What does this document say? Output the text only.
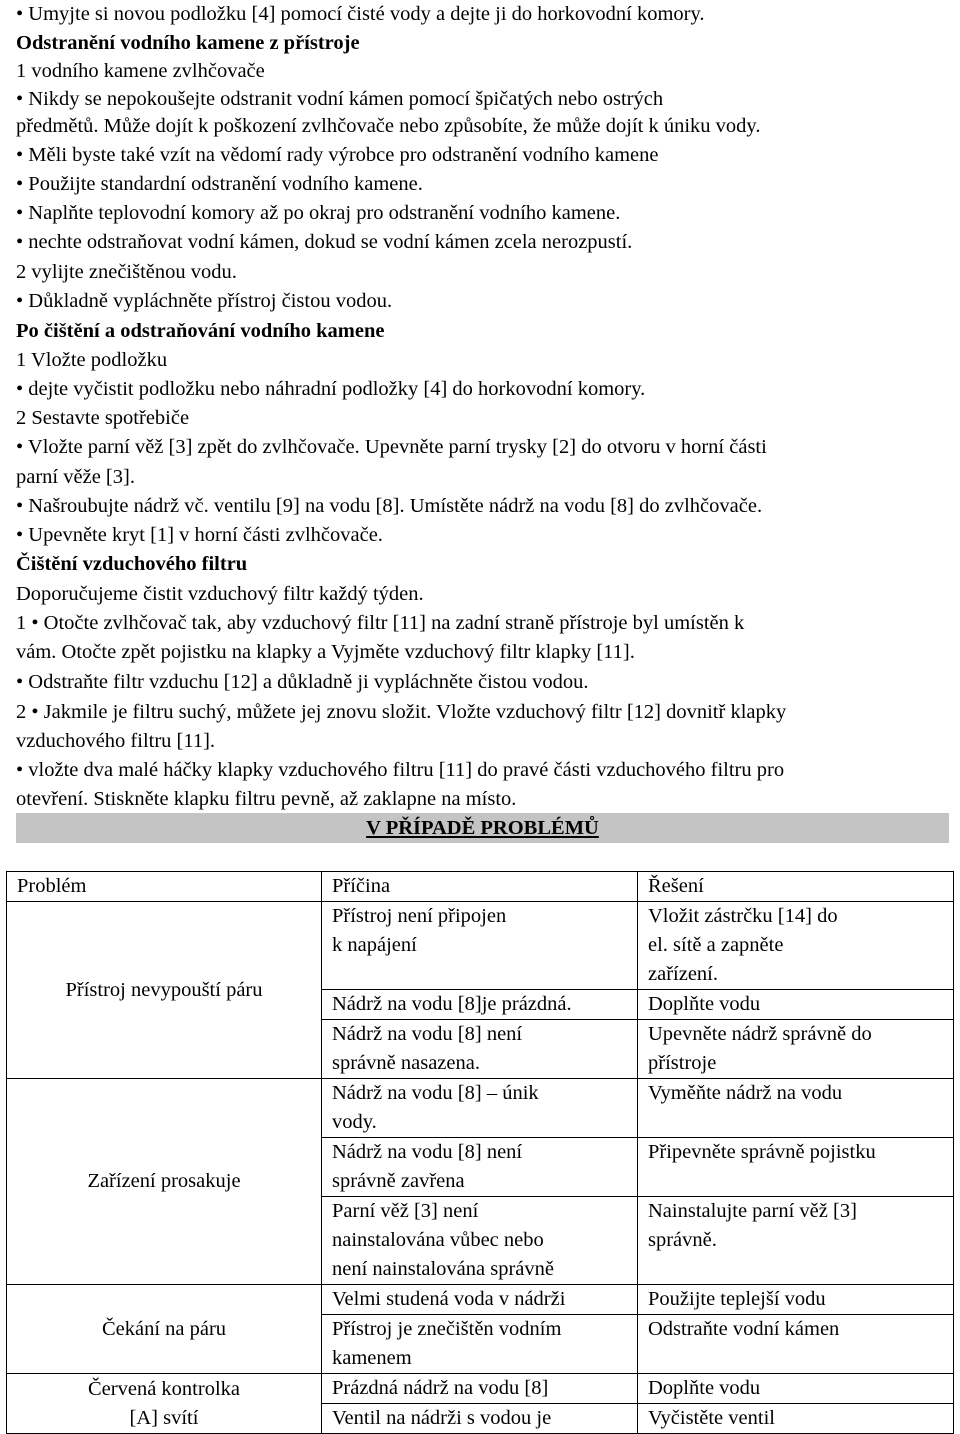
• Umyjte si novou podložku [4] pomocí čisté vody a dejte ji do horkovodní komory.
Odstranění vodního kamene z přístroje
1 vodního kamene zvlhčovače
• Nikdy se nepokoušejte odstranit vodní kámen pomocí špičatých nebo ostrých
předmětů. Může dojít k poškození zvlhčovače nebo způsobíte, že může dojít k úniku vody.
• Měli byste také vzít na vědomí rady výrobce pro odstranění vodního kamene
• Použijte standardní odstranění vodního kamene.
• Naplňte teplovodní komory až po okraj pro odstranění vodního kamene.
• nechte odstraňovat vodní kámen, dokud se vodní kámen zcela nerozpustí.
2 vylijte znečištěnou vodu.
• Důkladně vypláchněte přístroj čistou vodou.
Po čištění a odstraňování vodního kamene
1 Vložte podložku
• dejte vyčistit podložku nebo náhradní podložky [4] do horkovodní komory.
2 Sestavte spotřebiče
• Vložte parní věž [3] zpět do zvlhčovače. Upevněte parní trysky [2] do otvoru v horní části
parní věže [3].
• Našroubujte nádrž vč. ventilu [9] na vodu [8]. Umístěte nádrž na vodu [8] do zvlhčovače.
• Upevněte kryt [1] v horní části zvlhčovače.
Čištění vzduchového filtru
Doporučujeme čistit vzduchový filtr každý týden.
1 • Otočte zvlhčovač tak, aby vzduchový filtr [11] na zadní straně přístroje byl umístěn k
vám. Otočte zpět pojistku na klapky a Vyjměte vzduchový filtr klapky [11].
• Odstraňte filtr vzduchu [12] a důkladně ji vypláchněte čistou vodou.
2 • Jakmile je filtru suchý, můžete jej znovu složit. Vložte vzduchový filtr [12] dovnitř klapky
vzduchového filtru [11].
• vložte dva malé háčky klapky vzduchového filtru [11] do pravé části vzduchového filtru pro
otevření. Stiskněte klapku filtru pevně, až zaklapne na místo.
V PŘÍPADĚ PROBLÉMŮ
Problém	Příčina	Řešení
Přístroj nevypouští páru	Přístroj není připojen
k napájení	Vložit zástrčku [14] do
el. sítě a zapněte
zařízení.

	Nádrž na vodu [8]je prázdná.	Doplňte vodu

	Nádrž na vodu [8] není
správně nasazena.	Upevněte nádrž správně do
přístroje

Zařízení prosakuje	Nádrž na vodu [8] – únik
vody.	Vyměňte nádrž na vodu

	Nádrž na vodu [8] není
správně zavřena	Připevněte správně pojistku

	Parní věž [3] není
nainstalována vůbec nebo
není nainstalována správně	Nainstalujte parní věž [3]
správně.

Čekání na páru	Velmi studená voda v nádrži	Použijte teplejší vodu

	Přístroj je znečištěn vodním
kamenem	Odstraňte vodní kámen

Červená kontrolka
[A] svítí	Prázdná nádrž na vodu [8]	Doplňte vodu

	Ventil na nádrži s vodou je	Vyčistěte ventil
